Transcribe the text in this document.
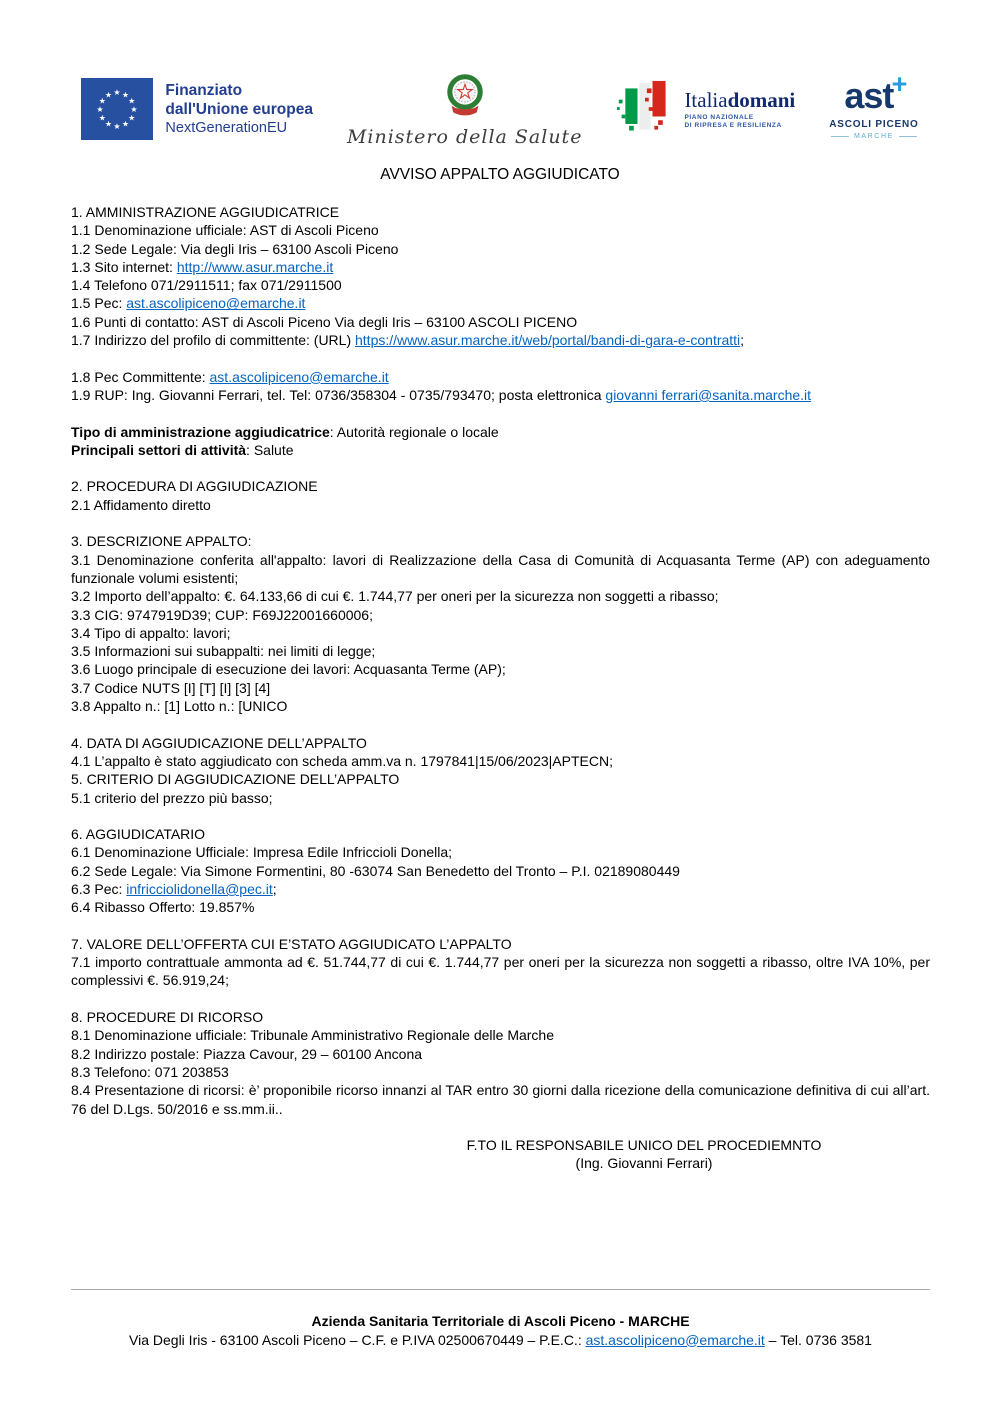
★ ★
★
★
★
★
★
★
★
★
★
★	Finanziato
dall'Unione europea
NextGenerationEU	Ministero della Salute
Italiadomani
PIANO NAZIONALE
DI RIPRESA E RESILIENZA
ast
+
ASCOLI PICENO
MARCHE
AVVISO APPALTO AGGIUDICATO

1. AMMINISTRAZIONE AGGIUDICATRICE

1.1 Denominazione ufficiale: AST di Ascoli Piceno

1.2 Sede Legale: Via degli Iris – 63100 Ascoli Piceno

1.3 Sito internet: http://www.asur.marche.it

1.4 Telefono 071/2911511; fax 071/2911500

1.5 Pec: ast.ascolipiceno@emarche.it

1.6 Punti di contatto: AST di Ascoli Piceno Via degli Iris – 63100 ASCOLI PICENO

1.7 Indirizzo del profilo di committente: (URL) https://www.asur.marche.it/web/portal/bandi-di-gara-e-contratti;

1.8 Pec Committente: ast.ascolipiceno@emarche.it

1.9 RUP: Ing. Giovanni Ferrari, tel. Tel: 0736/358304 - 0735/793470; posta elettronica giovanni ferrari@sanita.marche.it

Tipo di amministrazione aggiudicatrice: Autorità regionale o locale

Principali settori di attività: Salute

2. PROCEDURA DI AGGIUDICAZIONE

2.1 Affidamento diretto

3. DESCRIZIONE APPALTO:

3.1 Denominazione conferita all'appalto: lavori di Realizzazione della Casa di Comunità di Acquasanta Terme (AP) con adeguamento funzionale volumi esistenti;

3.2 Importo dell’appalto: €. 64.133,66 di cui €. 1.744,77 per oneri per la sicurezza non soggetti a ribasso;

3.3 CIG: 9747919D39; CUP: F69J22001660006;

3.4 Tipo di appalto: lavori;

3.5 Informazioni sui subappalti: nei limiti di legge;

3.6 Luogo principale di esecuzione dei lavori: Acquasanta Terme (AP);

3.7 Codice NUTS [I] [T] [I] [3] [4]

3.8 Appalto n.: [1] Lotto n.: [UNICO

4. DATA DI AGGIUDICAZIONE DELL’APPALTO

4.1 L’appalto è stato aggiudicato con scheda amm.va n. 1797841|15/06/2023|APTECN;

5. CRITERIO DI AGGIUDICAZIONE DELL’APPALTO

5.1 criterio del prezzo più basso;

6. AGGIUDICATARIO

6.1 Denominazione Ufficiale: Impresa Edile Infriccioli Donella;

6.2 Sede Legale: Via Simone Formentini, 80 -63074 San Benedetto del Tronto – P.I. 02189080449

6.3 Pec: infricciolidonella@pec.it;

6.4 Ribasso Offerto: 19.857%

7. VALORE DELL’OFFERTA CUI E’STATO AGGIUDICATO L’APPALTO

7.1 importo contrattuale ammonta ad €. 51.744,77 di cui €. 1.744,77 per oneri per la sicurezza non soggetti a ribasso, oltre IVA 10%, per complessivi €. 56.919,24;

8. PROCEDURE DI RICORSO

8.1 Denominazione ufficiale: Tribunale Amministrativo Regionale delle Marche

8.2 Indirizzo postale: Piazza Cavour, 29 – 60100 Ancona

8.3 Telefono: 071 203853

8.4 Presentazione di ricorsi: è’ proponibile ricorso innanzi al TAR entro 30 giorni dalla ricezione della comunicazione definitiva di cui all’art. 76 del D.Lgs. 50/2016 e ss.mm.ii..

F.TO IL RESPONSABILE UNICO DEL PROCEDIEMNTO
(Ing. Giovanni Ferrari)
Azienda Sanitaria Territoriale di Ascoli Piceno - MARCHE
Via Degli Iris - 63100 Ascoli Piceno – C.F. e P.IVA 02500670449 – P.E.C.: ast.ascolipiceno@emarche.it – Tel. 0736 3581
